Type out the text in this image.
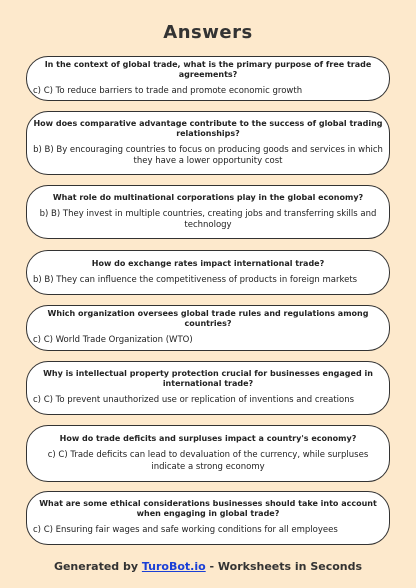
Answers
In the context of global trade, what is the primary purpose of free trade agreements?
c) C) To reduce barriers to trade and promote economic growth
How does comparative advantage contribute to the success of global trading relationships?
b) B) By encouraging countries to focus on producing goods and services in which they have a lower opportunity cost
What role do multinational corporations play in the global economy?
b) B) They invest in multiple countries, creating jobs and transferring skills and technology
How do exchange rates impact international trade?
b) B) They can influence the competitiveness of products in foreign markets
Which organization oversees global trade rules and regulations among countries?
c) C) World Trade Organization (WTO)
Why is intellectual property protection crucial for businesses engaged in international trade?
c) C) To prevent unauthorized use or replication of inventions and creations
How do trade deficits and surpluses impact a country's economy?
c) C) Trade deficits can lead to devaluation of the currency, while surpluses indicate a strong economy
What are some ethical considerations businesses should take into account when engaging in global trade?
c) C) Ensuring fair wages and safe working conditions for all employees
Generated by TuroBot.io - Worksheets in Seconds
